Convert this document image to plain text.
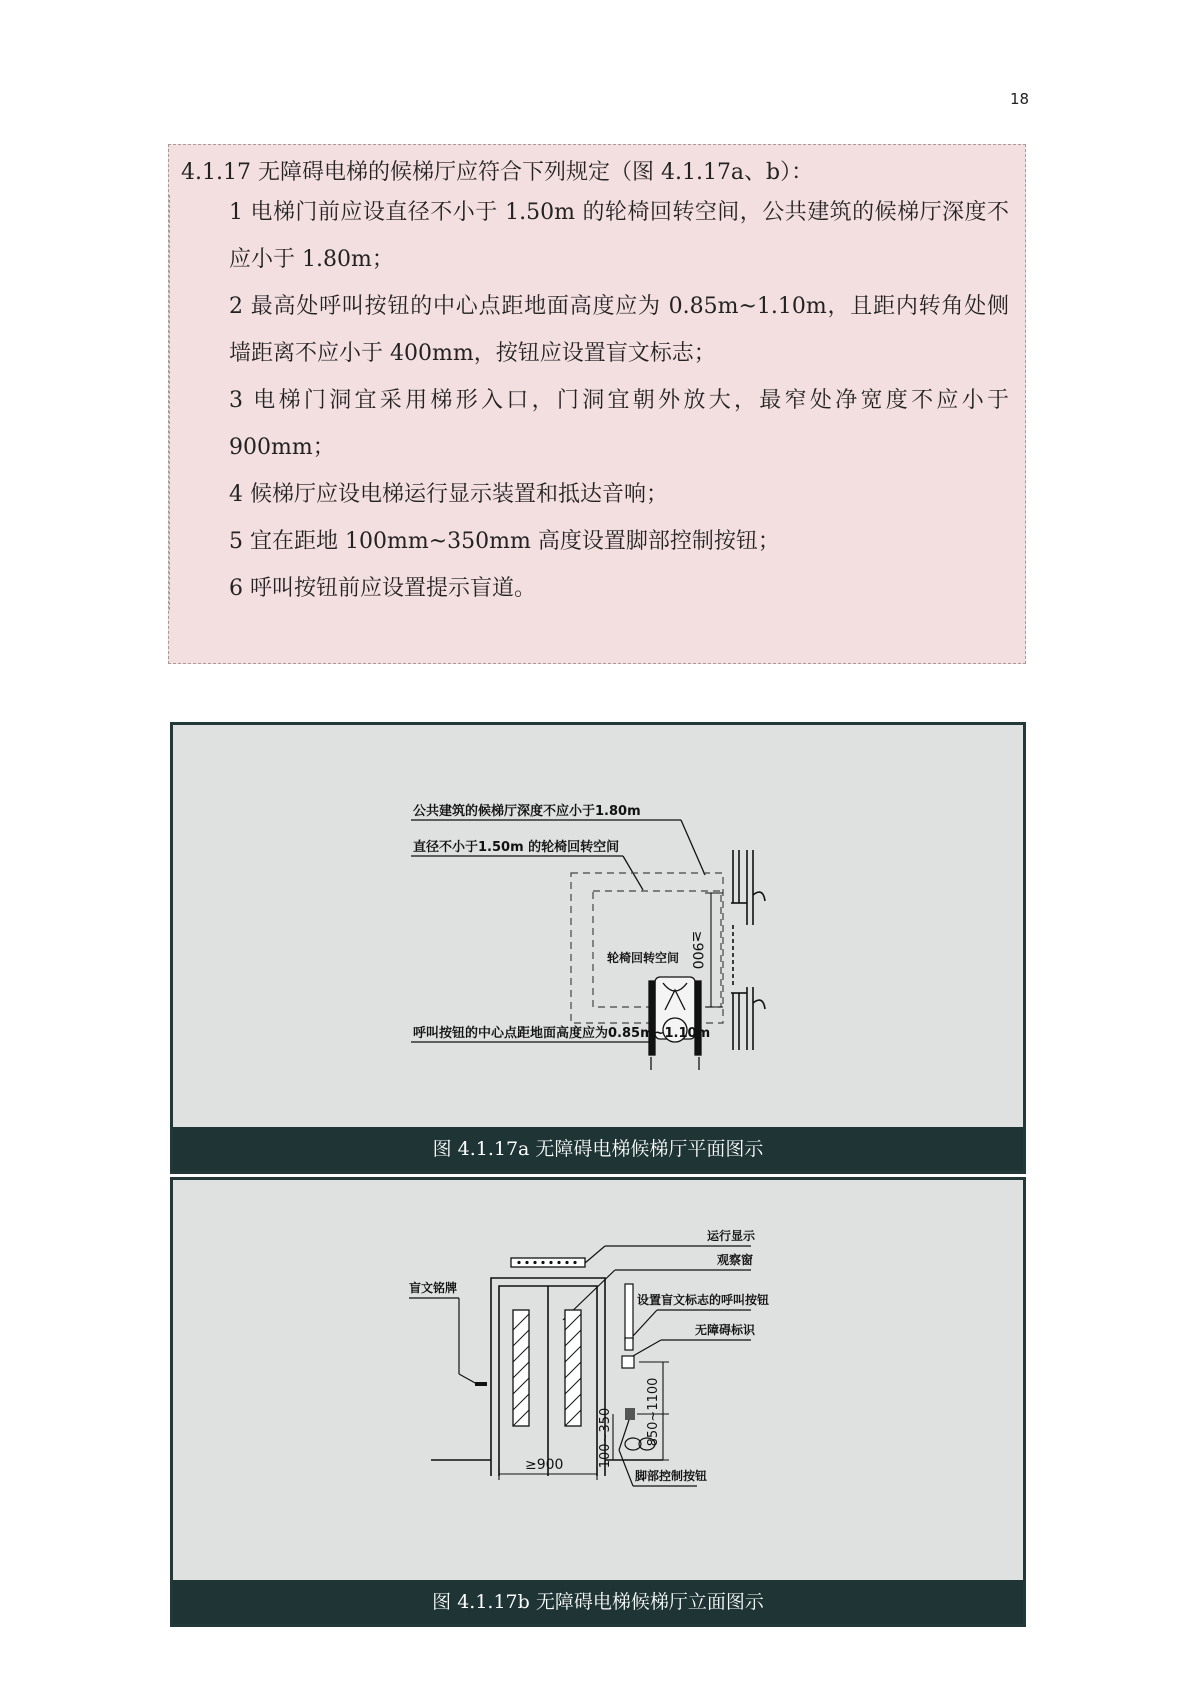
18
4.1.17 无障碍电梯的候梯厅应符合下列规定（图 4.1.17a、b）：
1 电梯门前应设直径不小于 1.50m 的轮椅回转空间，公共建筑的候梯厅深度不应小于 1.80m；
2 最高处呼叫按钮的中心点距地面高度应为 0.85m~1.10m，且距内转角处侧墙距离不应小于 400mm，按钮应设置盲文标志；
3 电梯门洞宜采用梯形入口，门洞宜朝外放大，最窄处净宽度不应小于 900mm；
4 候梯厅应设电梯运行显示装置和抵达音响；
5 宜在距地 100mm~350mm 高度设置脚部控制按钮；
6 呼叫按钮前应设置提示盲道。
公共建筑的候梯厅深度不应小于1.80m
直径不小于1.50m 的轮椅回转空间
轮椅回转空间 ≥900
呼叫按钮的中心点距地面高度应为0.85m~1.10m
图 4.1.17a 无障碍电梯候梯厅平面图示
运行显示
观察窗
盲文铭牌
设置盲文标志的呼叫按钮
无障碍标识
≥900	100~350	850~1100
脚部控制按钮
图 4.1.17b 无障碍电梯候梯厅立面图示
